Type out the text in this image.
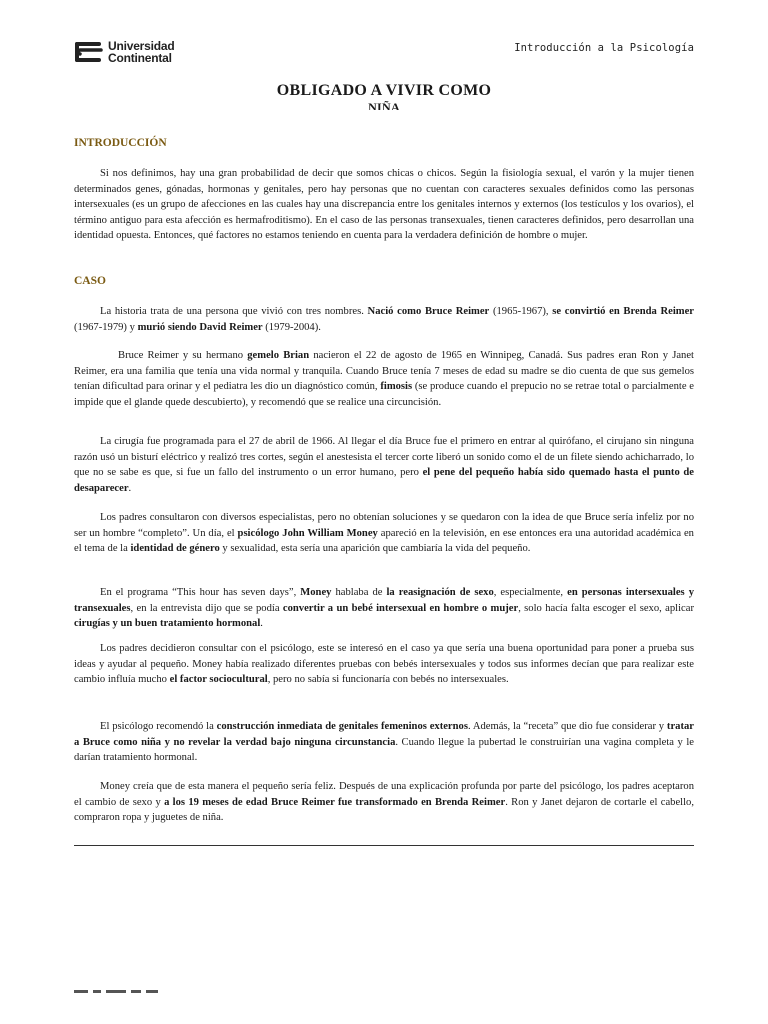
Universidad
Continental
Introducción a la Psicología
OBLIGADO A VIVIR COMO
NIÑA
INTRODUCCIÓN

Si nos definimos, hay una gran probabilidad de decir que somos chicas o chicos. Según la fisiología sexual, el varón y la mujer tienen determinados genes, gónadas, hormonas y genitales, pero hay personas que no cuentan con caracteres sexuales definidos como las personas intersexuales (es un grupo de afecciones en las cuales hay una discrepancia entre los genitales internos y externos (los testículos y los ovarios), el término antiguo para esta afección es hermafroditismo). En el caso de las personas transexuales, tienen caracteres definidos, pero desarrollan una identidad opuesta. Entonces, qué factores no estamos teniendo en cuenta para la verdadera definición de hombre o mujer.

CASO

La historia trata de una persona que vivió con tres nombres. Nació como Bruce Reimer (1965-1967), se convirtió en Brenda Reimer (1967-1979) y murió siendo David Reimer (1979-2004).

Bruce Reimer y su hermano gemelo Brian nacieron el 22 de agosto de 1965 en Winnipeg, Canadá. Sus padres eran Ron y Janet Reimer, era una familia que tenía una vida normal y tranquila. Cuando Bruce tenía 7 meses de edad su madre se dio cuenta de que sus gemelos tenían dificultad para orinar y el pediatra les dio un diagnóstico común, fimosis (se produce cuando el prepucio no se retrae total o parcialmente e impide que el glande quede descubierto), y recomendó que se realice una circuncisión.

La cirugía fue programada para el 27 de abril de 1966. Al llegar el día Bruce fue el primero en entrar al quirófano, el cirujano sin ninguna razón usó un bisturí eléctrico y realizó tres cortes, según el anestesista el tercer corte liberó un sonido como el de un filete siendo achicharrado, lo que no se sabe es que, si fue un fallo del instrumento o un error humano, pero el pene del pequeño había sido quemado hasta el punto de desaparecer.

Los padres consultaron con diversos especialistas, pero no obtenían soluciones y se quedaron con la idea de que Bruce sería infeliz por no ser un hombre “completo”. Un día, el psicólogo John William Money apareció en la televisión, en ese entonces era una autoridad académica en el tema de la identidad de género y sexualidad, esta sería una aparición que cambiaría la vida del pequeño.

En el programa “This hour has seven days”, Money hablaba de la reasignación de sexo, especialmente, en personas intersexuales y transexuales, en la entrevista dijo que se podía convertir a un bebé intersexual en hombre o mujer, solo hacía falta escoger el sexo, aplicar cirugías y un buen tratamiento hormonal.

Los padres decidieron consultar con el psicólogo, este se interesó en el caso ya que sería una buena oportunidad para poner a prueba sus ideas y ayudar al pequeño. Money había realizado diferentes pruebas con bebés intersexuales y todos sus informes decían que para realizar este cambio influía mucho el factor sociocultural, pero no sabía si funcionaría con bebés no intersexuales.

El psicólogo recomendó la construcción inmediata de genitales femeninos externos. Además, la “receta” que dio fue considerar y tratar a Bruce como niña y no revelar la verdad bajo ninguna circunstancia. Cuando llegue la pubertad le construirían una vagina completa y le darían tratamiento hormonal.

Money creía que de esta manera el pequeño sería feliz. Después de una explicación profunda por parte del psicólogo, los padres aceptaron el cambio de sexo y a los 19 meses de edad Bruce Reimer fue transformado en Brenda Reimer. Ron y Janet dejaron de cortarle el cabello, compraron ropa y juguetes de niña.
